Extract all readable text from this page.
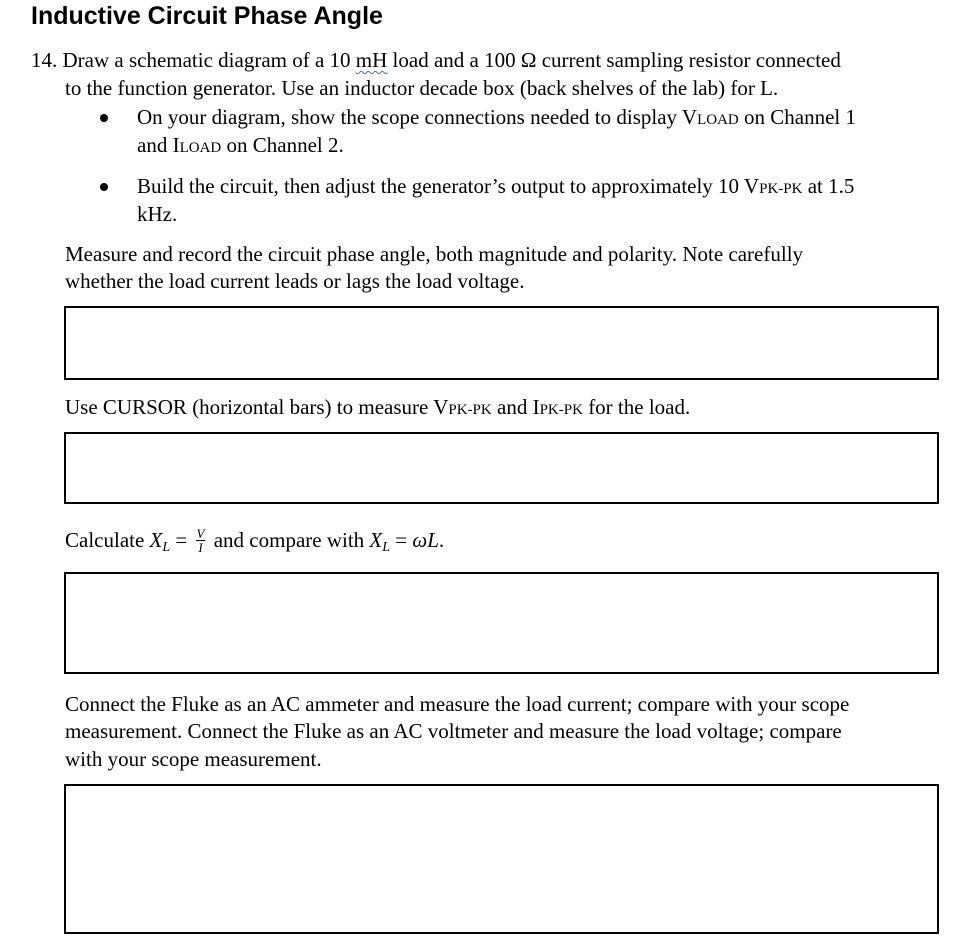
Inductive Circuit Phase Angle
14. Draw a schematic diagram of a 10 mH load and a 100 Ω current sampling resistor connected
to the function generator. Use an inductor decade box (back shelves of the lab) for L.
On your diagram, show the scope connections needed to display VLOAD on Channel 1
and ILOAD on Channel 2.
Build the circuit, then adjust the generator’s output to approximately 10 VPK-PK at 1.5
kHz.
Measure and record the circuit phase angle, both magnitude and polarity. Note carefully
whether the load current leads or lags the load voltage.
Use CURSOR (horizontal bars) to measure VPK-PK and IPK-PK for the load.
Calculate XL = $\frac{V}{I}$ and compare with XL = ωL.
Connect the Fluke as an AC ammeter and measure the load current; compare with your scope
measurement. Connect the Fluke as an AC voltmeter and measure the load voltage; compare
with your scope measurement.
